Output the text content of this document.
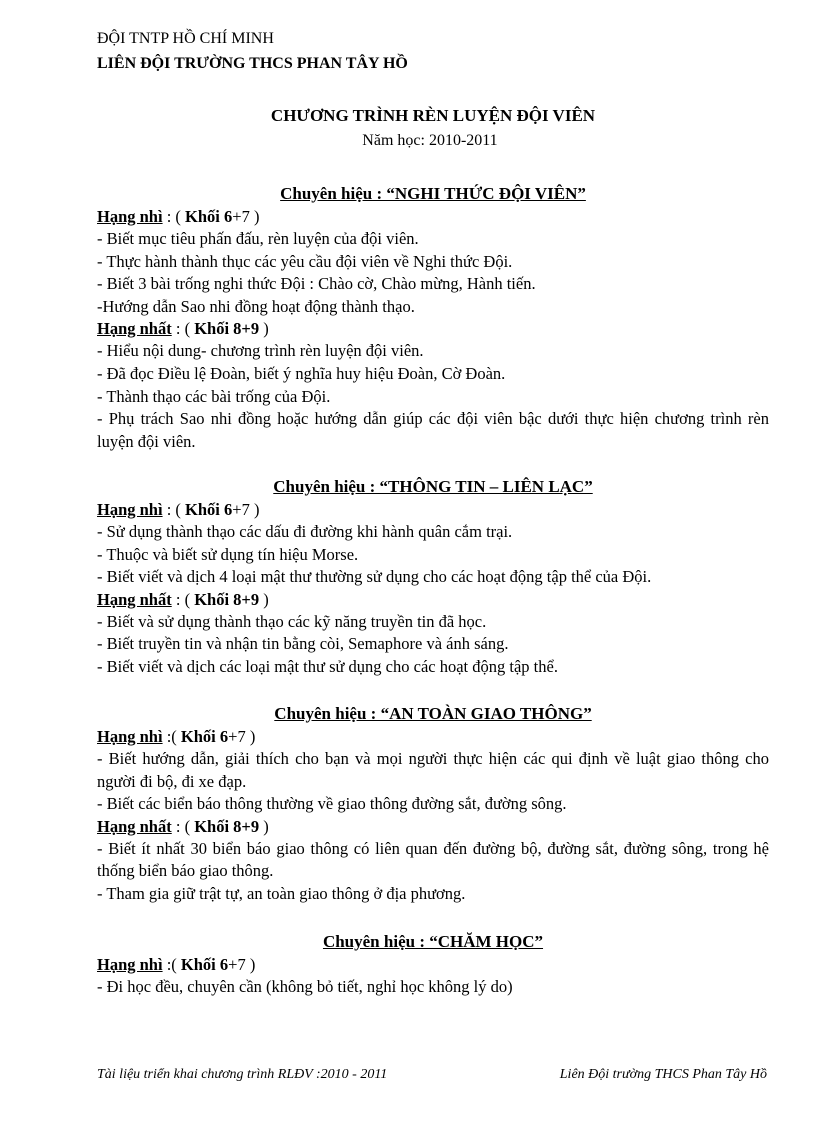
ĐỘI TNTP HỒ CHÍ MINH
LIÊN ĐỘI TRƯỜNG THCS PHAN TÂY HỒ
CHƯƠNG TRÌNH RÈN LUYỆN ĐỘI VIÊN
Năm học: 2010-2011
Chuyên hiệu : “NGHI THỨC ĐỘI VIÊN”
Hạng nhì : ( Khối 6+7 )
- Biết mục tiêu phấn đấu, rèn luyện của đội viên.
- Thực hành thành thục các yêu cầu đội viên về Nghi thức Đội.
- Biết 3 bài trống nghi thức Đội : Chào cờ, Chào mừng, Hành tiến.
-Hướng dẫn Sao nhi đồng hoạt động thành thạo.
Hạng nhất : ( Khối 8+9 )
- Hiểu nội dung- chương trình rèn luyện đội viên.
- Đã đọc Điều lệ Đoàn, biết ý nghĩa huy hiệu Đoàn, Cờ Đoàn.
- Thành thạo các bài trống của Đội.
- Phụ trách Sao nhi đồng hoặc hướng dẫn giúp các đội viên bậc dưới thực hiện chương trình rèn luyện đội viên.
Chuyên hiệu : “THÔNG TIN – LIÊN LẠC”
Hạng nhì : ( Khối 6+7 )
- Sử dụng thành thạo các dấu đi đường khi hành quân cắm trại.
- Thuộc và biết sử dụng tín hiệu Morse.
- Biết viết và dịch 4 loại mật thư thường sử dụng cho các hoạt động tập thể của Đội.
Hạng nhất : ( Khối 8+9 )
- Biết và sử dụng thành thạo các kỹ năng truyền tin đã học.
- Biết truyền tin và nhận tin bằng còi, Semaphore và ánh sáng.
- Biết viết và dịch các loại mật thư sử dụng cho các hoạt động tập thể.
Chuyên hiệu : “AN TOÀN GIAO THÔNG”
Hạng nhì :( Khối 6+7 )
- Biết hướng dẫn, giải thích cho bạn và mọi người thực hiện các qui định về luật giao thông cho người đi bộ, đi xe đạp.
- Biết các biển báo thông thường về giao thông đường sắt, đường sông.
Hạng nhất : ( Khối 8+9 )
- Biết ít nhất 30 biển báo giao thông có liên quan đến đường bộ, đường sắt, đường sông, trong hệ thống biển báo giao thông.
- Tham gia giữ trật tự, an toàn giao thông ở địa phương.
Chuyên hiệu : “CHĂM HỌC”
Hạng nhì :( Khối 6+7 )
- Đi học đều, chuyên cần (không bỏ tiết, nghỉ học không lý do)
Tài liệu triển khai chương trình RLĐV :2010 - 2011	Liên Đội trường THCS Phan Tây Hồ
